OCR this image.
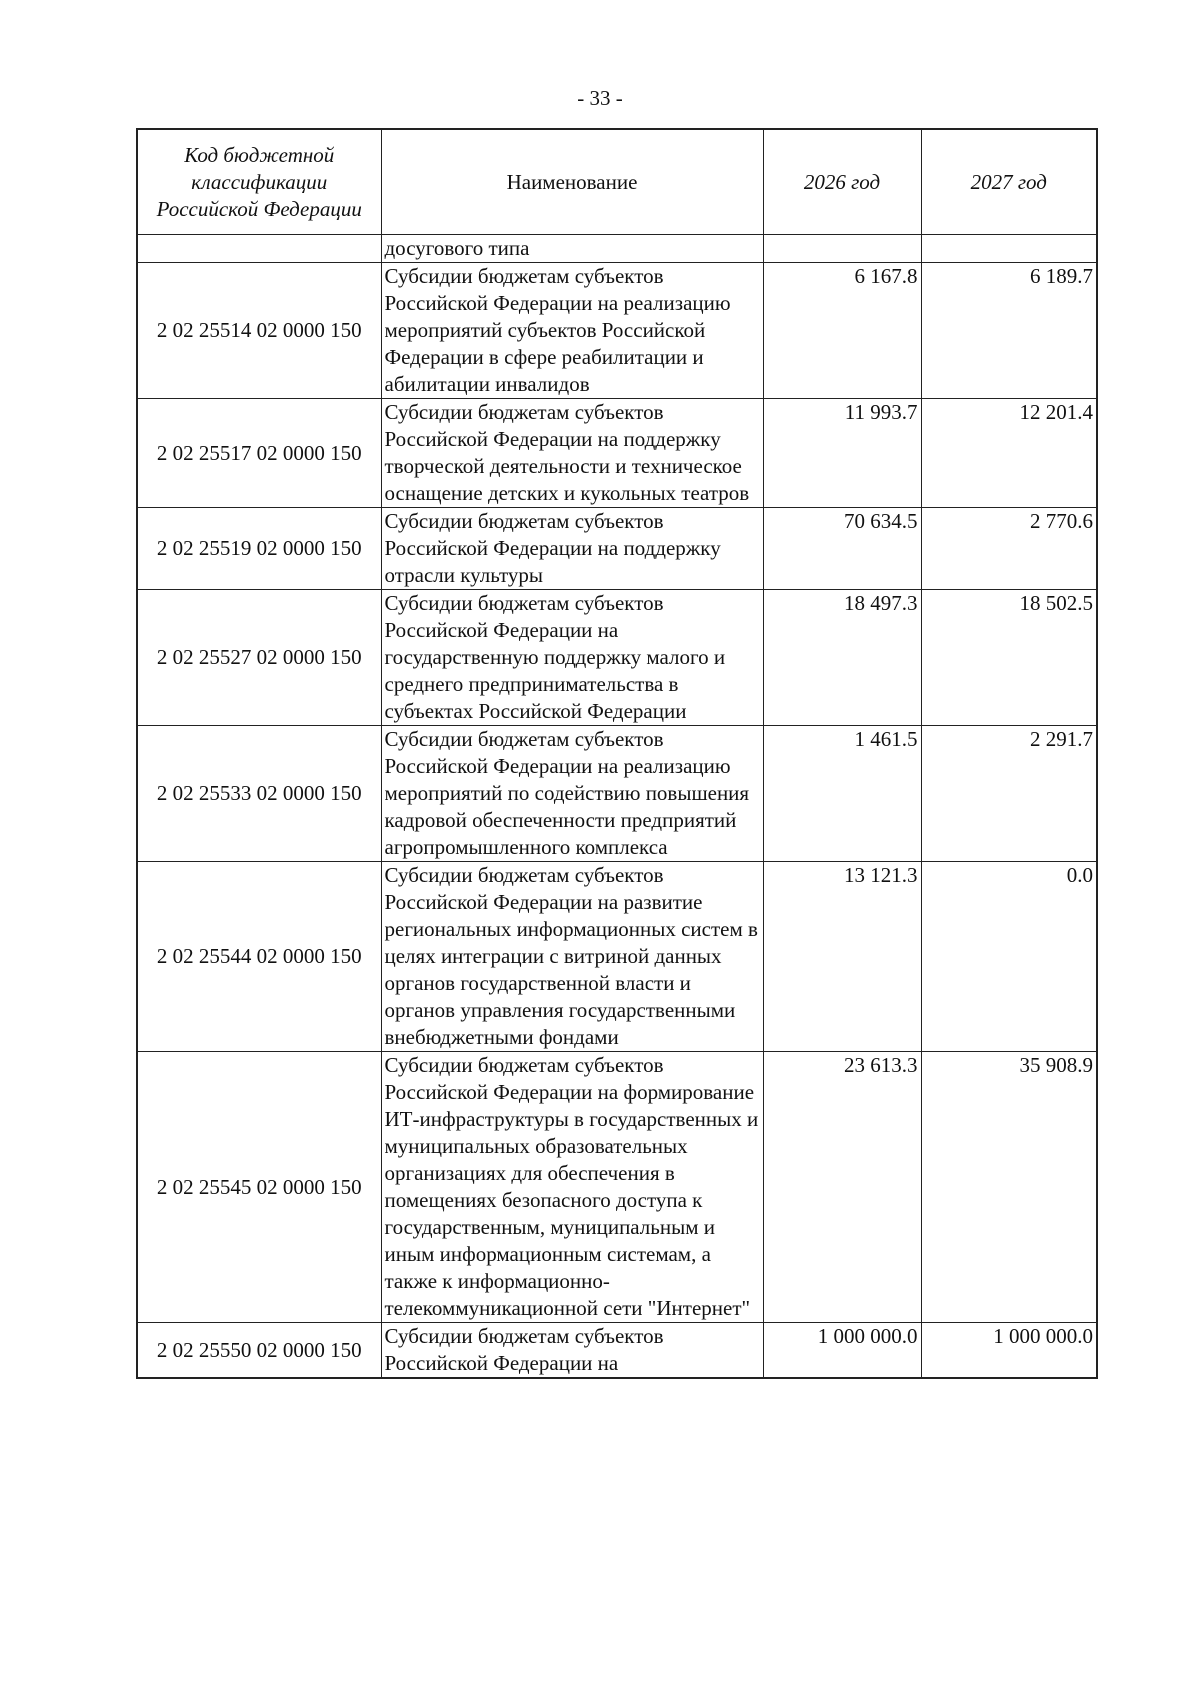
- 33 -
Код бюджетной классификации Российской Федерации	Наименование	2026 год	2027 год
	досугового типа		
2 02 25514 02 0000 150	Субсидии бюджетам субъектов Российской Федерации на реализацию мероприятий субъектов Российской Федерации в сфере реабилитации и абилитации инвалидов	6 167.8	6 189.7
2 02 25517 02 0000 150	Субсидии бюджетам субъектов Российской Федерации на поддержку творческой деятельности и техническое оснащение детских и кукольных театров	11 993.7	12 201.4
2 02 25519 02 0000 150	Субсидии бюджетам субъектов Российской Федерации на поддержку отрасли культуры	70 634.5	2 770.6
2 02 25527 02 0000 150	Субсидии бюджетам субъектов Российской Федерации на государственную поддержку малого и среднего предпринимательства в субъектах Российской Федерации	18 497.3	18 502.5
2 02 25533 02 0000 150	Субсидии бюджетам субъектов Российской Федерации на реализацию мероприятий по содействию повышения кадровой обеспеченности предприятий агропромышленного комплекса	1 461.5	2 291.7
2 02 25544 02 0000 150	Субсидии бюджетам субъектов Российской Федерации на развитие региональных информационных систем в целях интеграции с витриной данных органов государственной власти и органов управления государственными внебюджетными фондами	13 121.3	0.0
2 02 25545 02 0000 150	Субсидии бюджетам субъектов Российской Федерации на формирование ИТ-инфраструктуры в государственных и муниципальных образовательных организациях для обеспечения в помещениях безопасного доступа к государственным, муниципальным и иным информационным системам, а также к информационно-телекоммуникационной сети "Интернет"	23 613.3	35 908.9
2 02 25550 02 0000 150	Субсидии бюджетам субъектов Российской Федерации на	1 000 000.0	1 000 000.0
